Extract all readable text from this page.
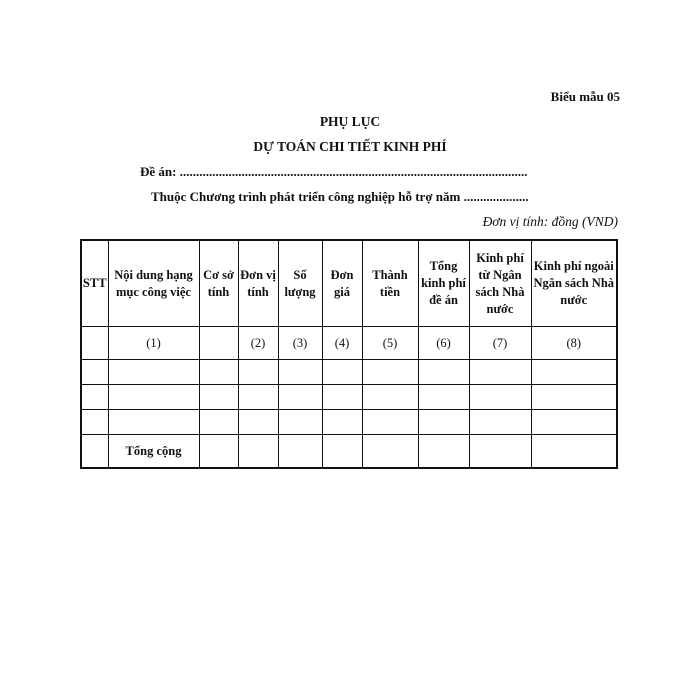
Biểu mẫu 05
PHỤ LỤC
DỰ TOÁN CHI TIẾT KINH PHÍ
Đề án: ...........................................................................................................
Thuộc Chương trình phát triển công nghiệp hỗ trợ năm ....................
Đơn vị tính: đồng (VND)
STT	Nội dung hạng mục công việc	Cơ sở tính	Đơn vị tính	Số lượng	Đơn giá	Thành tiền	Tổng kinh phí đề án	Kinh phí từ Ngân sách Nhà nước	Kinh phí ngoài Ngân sách Nhà nước
	(1)		(2)	(3)	(4)	(5)	(6)	(7)	(8)

	Tổng cộng								
